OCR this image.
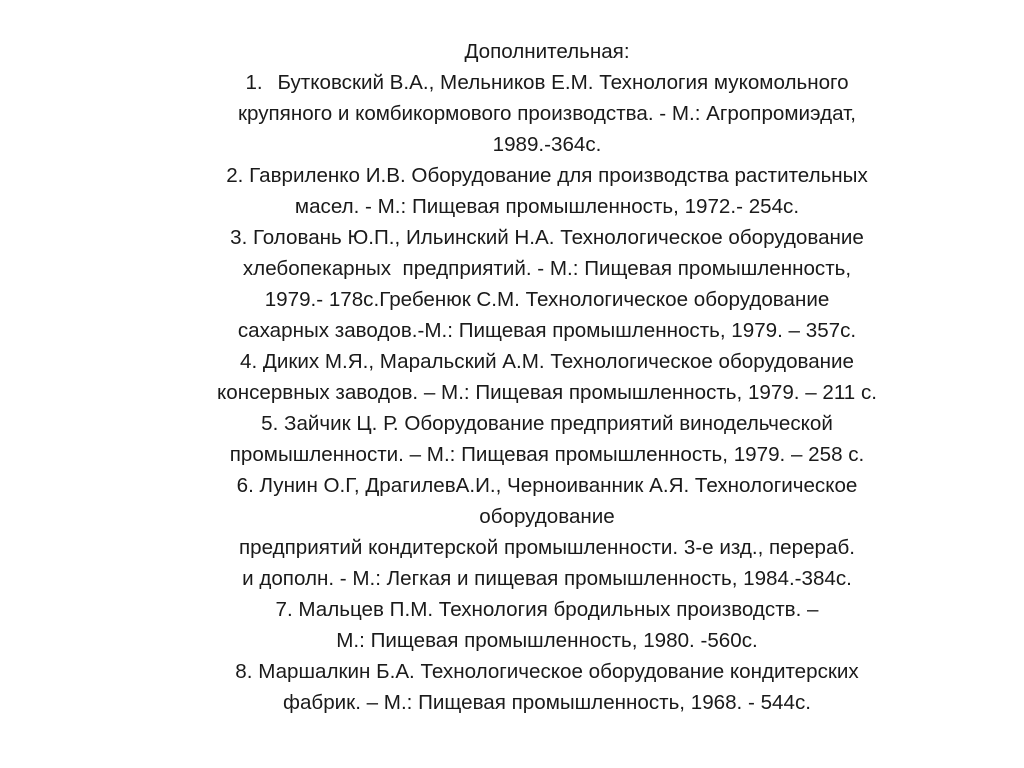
Дополнительная:
1. Бутковский В.А., Мельников Е.М. Технология мукомольного
крупяного и комбикормового производства. - М.: Агропромиэдат,
1989.-364с.
2. Гавриленко И.В. Оборудование для производства растительных
масел. - М.: Пищевая промышленность, 1972.- 254с.
3. Головань Ю.П., Ильинский Н.А. Технологическое оборудование
хлебопекарных  предприятий. - М.: Пищевая промышленность,
1979.- 178с.Гребенюк С.М. Технологическое оборудование
сахарных заводов.-М.: Пищевая промышленность, 1979. – 357с.
4. Диких М.Я., Маральский А.М. Технологическое оборудование
консервных заводов. – М.: Пищевая промышленность, 1979. – 211 с.
5. Зайчик Ц. Р. Оборудование предприятий винодельческой
промышленности. – М.: Пищевая промышленность, 1979. – 258 с.
6. Лунин О.Г, ДрагилевА.И., Черноиванник А.Я. Технологическое
оборудование
предприятий кондитерской промышленности. 3-е изд., перераб.
и дополн. - М.: Легкая и пищевая промышленность, 1984.-384с.
7. Мальцев П.М. Технология бродильных производств. –
М.: Пищевая промышленность, 1980. -560с.
8. Маршалкин Б.А. Технологическое оборудование кондитерских
фабрик. – М.: Пищевая промышленность, 1968. - 544с.
